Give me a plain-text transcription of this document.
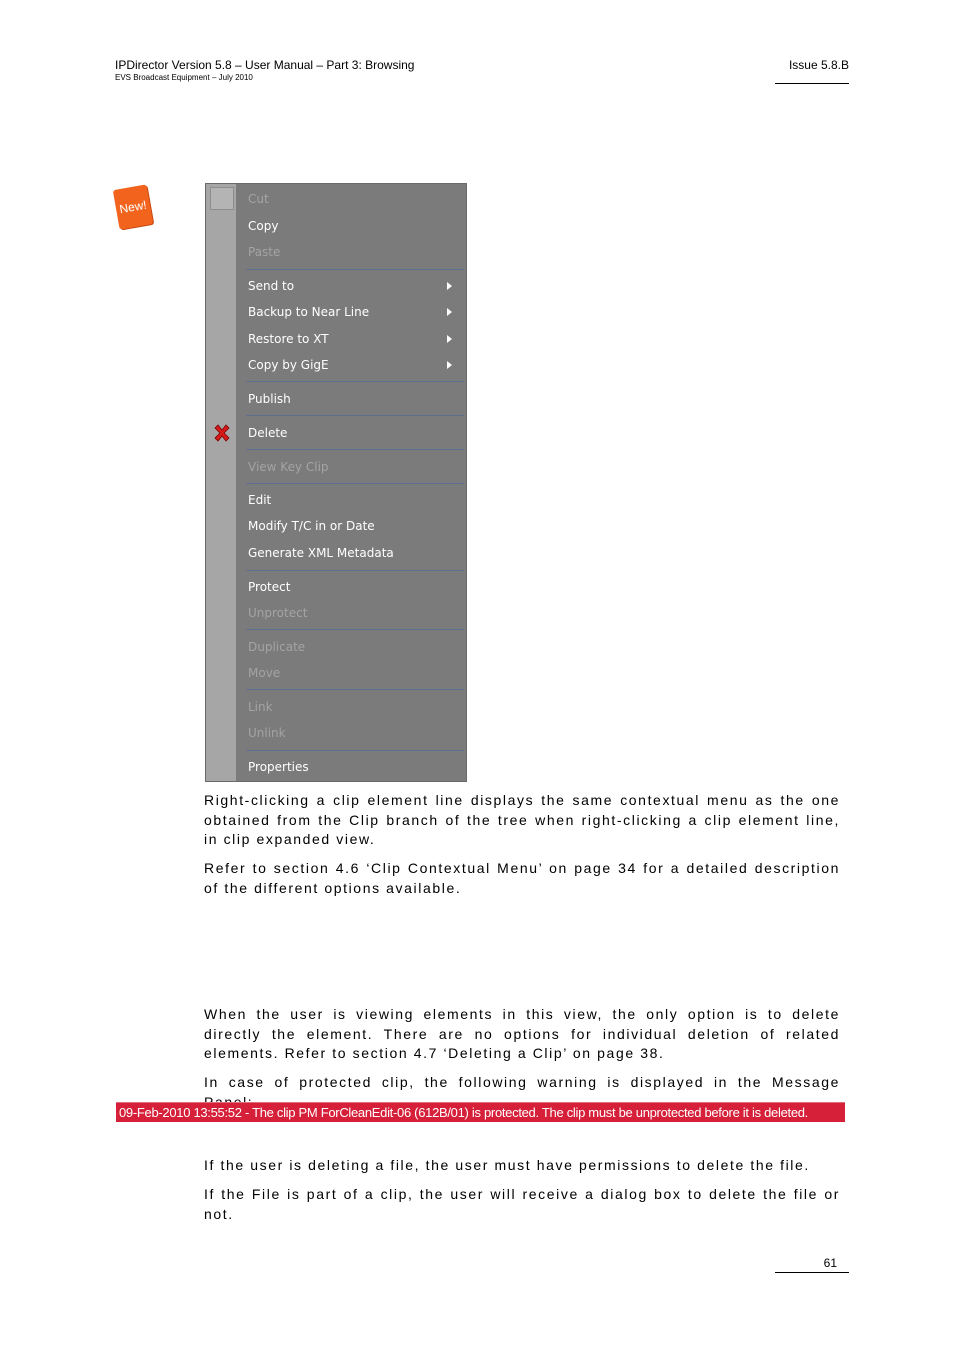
IPDirector Version 5.8 – User Manual – Part 3: Browsing
EVS Broadcast Equipment – July 2010
Issue 5.8.B
New!	Cut
Copy
Paste
Send to
Backup to Near Line
Restore to XT
Copy by GigE
Publish
Delete
View Key Clip
Edit
Modify T/C in or Date
Generate XML Metadata
Protect
Unprotect
Duplicate
Move
Link
Unlink
Properties

Right-clicking a clip element line displays the same contextual menu as the one obtained from the Clip branch of the tree when right-clicking a clip element line, in clip expanded view.

Refer to section 4.6 ‘Clip Contextual Menu’ on page 34 for a detailed description of the different options available.

When the user is viewing elements in this view, the only option is to delete directly the element. There are no options for individual deletion of related elements. Refer to section 4.7 ‘Deleting a Clip’ on page 38.

In case of protected clip, the following warning is displayed in the Message

09-Feb-2010 13:55:52 - The clip PM ForCleanEdit-06 (612B/01) is protected. The clip must be unprotected before it is deleted.

If the user is deleting a file, the user must have permissions to delete the file.

If the File is part of a clip, the user will receive a dialog box to delete the file or not.

61
